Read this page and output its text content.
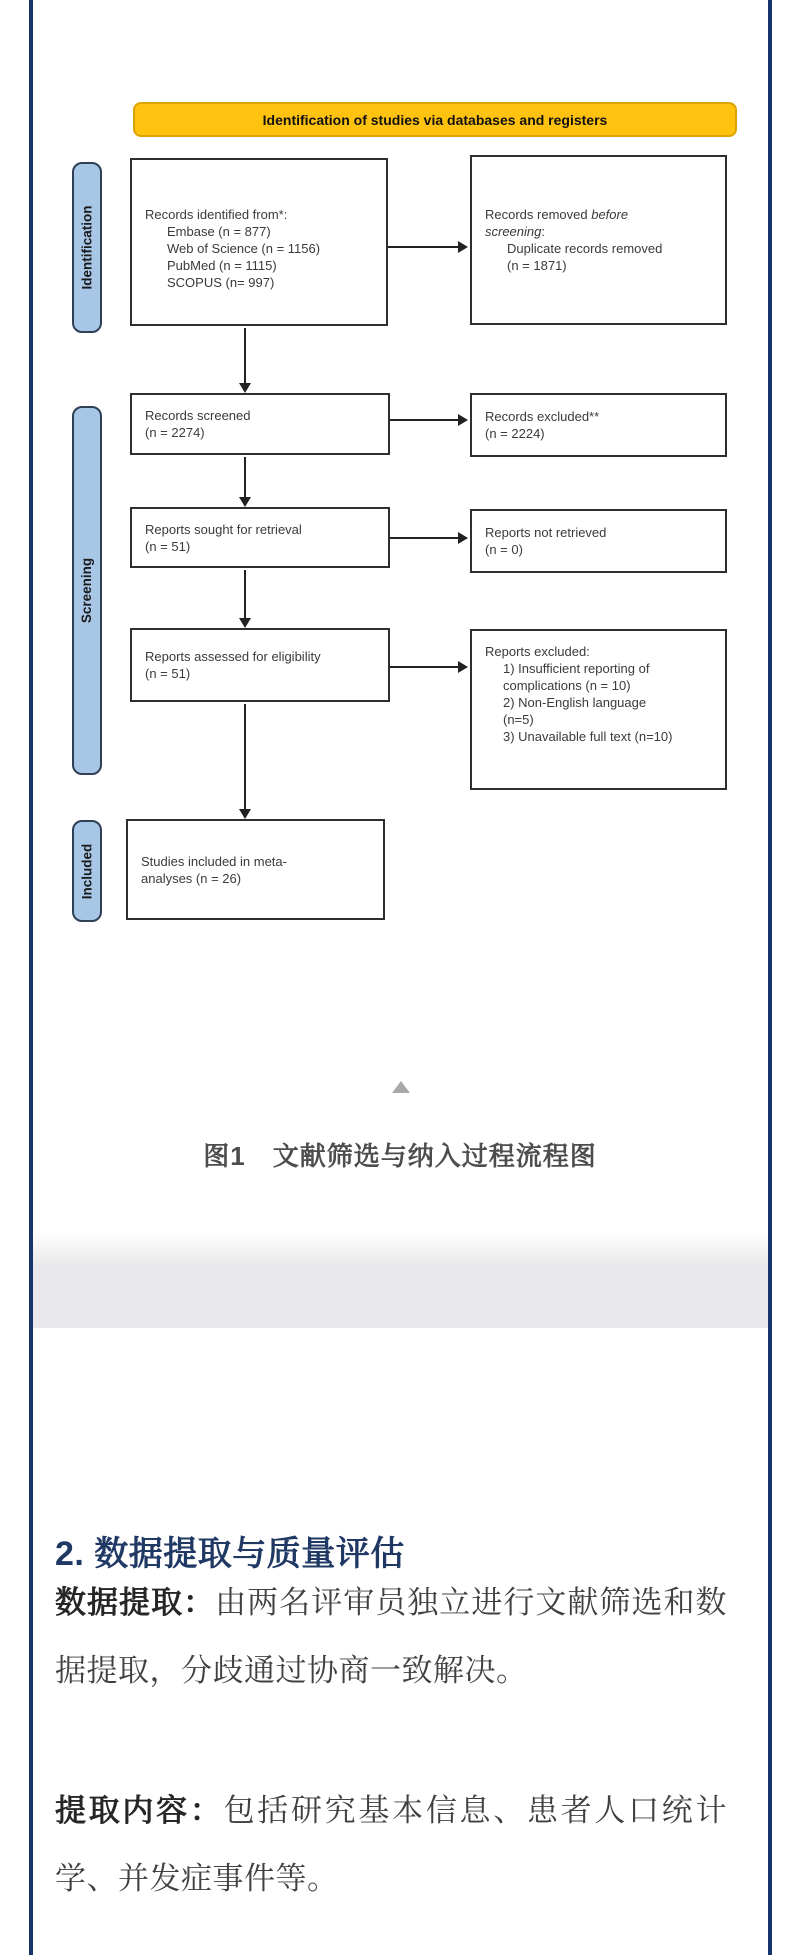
Identification of studies via databases and registers
Identification
Screening
Included
Records identified from*:
Embase (n = 877)
Web of Science (n = 1156)
PubMed (n = 1115)
SCOPUS (n= 997)
Records removed before
screening:
Duplicate records removed
(n = 1871)
Records screened
(n = 2274)
Records excluded**
(n = 2224)
Reports sought for retrieval
(n = 51)
Reports not retrieved
(n = 0)
Reports assessed for eligibility
(n = 51)
Reports excluded:
1) Insufficient reporting of
complications (n = 10)
2) Non-English language
(n=5)
3) Unavailable full text (n=10)
Studies included in meta-
analyses (n = 26)
图1　文献筛选与纳入过程流程图
2. 数据提取与质量评估

数据提取：由两名评审员独立进行文献筛选和数据提取，分歧通过协商一致解决。

提取内容：包括研究基本信息、患者人口统计学、并发症事件等。
